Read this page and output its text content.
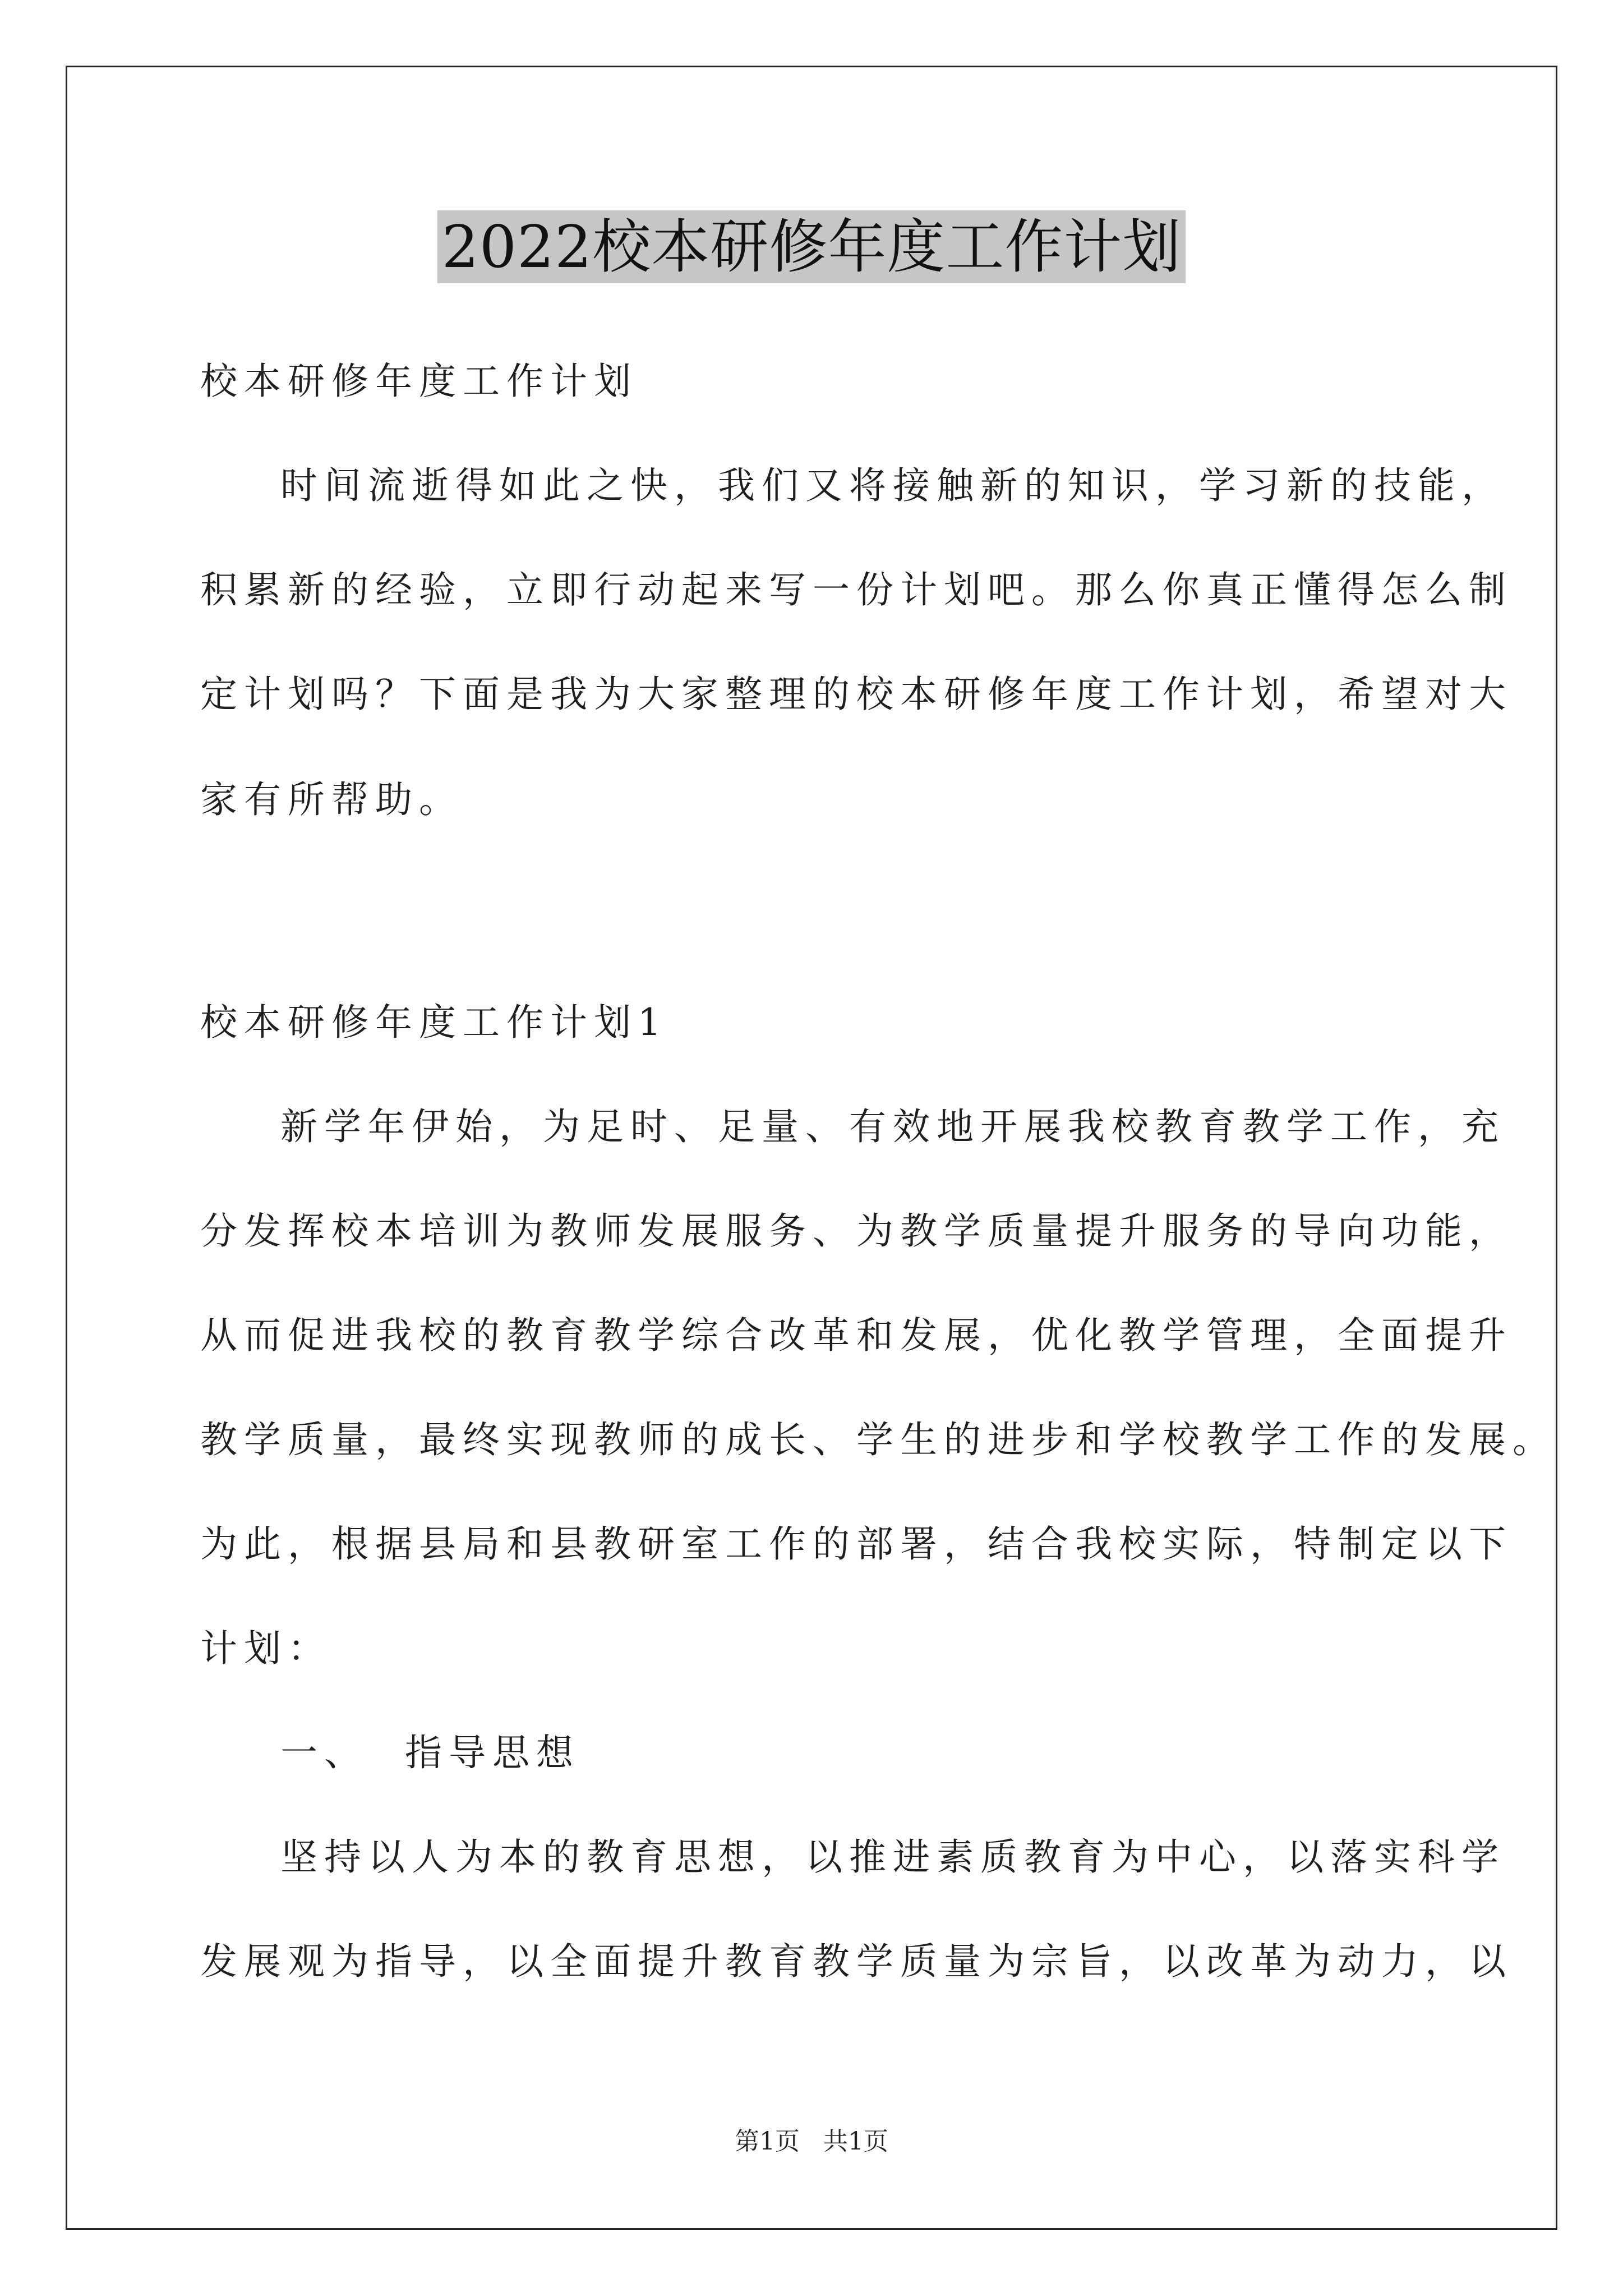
2022校本研修年度工作计划
校本研修年度工作计划
时间流逝得如此之快，我们又将接触新的知识，学习新的技能，
积累新的经验，立即行动起来写一份计划吧。那么你真正懂得怎么制
定计划吗？下面是我为大家整理的校本研修年度工作计划，希望对大
家有所帮助。
校本研修年度工作计划1
新学年伊始，为足时、足量、有效地开展我校教育教学工作，充
分发挥校本培训为教师发展服务、为教学质量提升服务的导向功能，
从而促进我校的教育教学综合改革和发展，优化教学管理，全面提升
教学质量，最终实现教师的成长、学生的进步和学校教学工作的发展。
为此，根据县局和县教研室工作的部署，结合我校实际，特制定以下
计划：
一、  指导思想
坚持以人为本的教育思想，以推进素质教育为中心，以落实科学
发展观为指导，以全面提升教育教学质量为宗旨，以改革为动力，以
第1页 共1页
